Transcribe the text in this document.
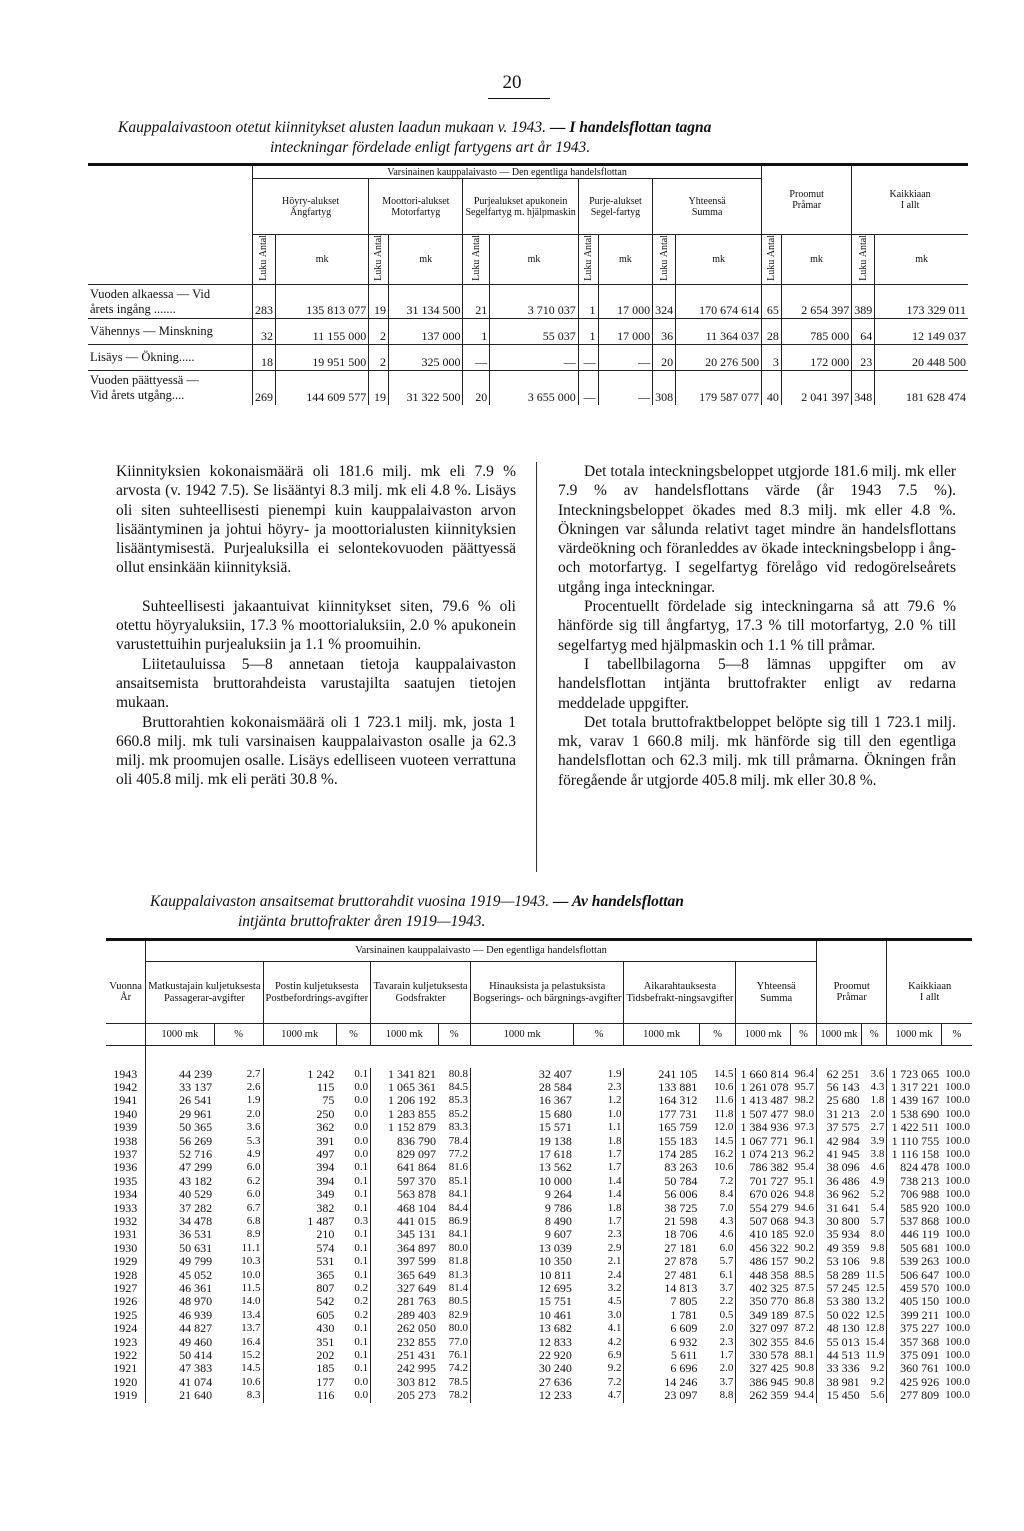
20
Kauppalaivastoon otetut kiinnitykset alusten laadun mukaan v. 1943. — I handelsflottan tagna
inteckningar fördelade enligt fartygens art år 1943.
	Varsinainen kauppalaivasto — Den egentliga handelsflottan										Proomut
Pråmar		Kaikkiaan
I allt	
	Höyry-alukset
Ångfartyg		Moottori-alukset
Motorfartyg		Purjealukset apukonein
Segelfartyg m. hjälpmaskin		Purje-alukset
Segel-fartyg		Yhteensä
Summa					
	Luku Antal	mk	Luku Antal	mk	Luku Antal	mk	Luku Antal	mk	Luku Antal	mk	Luku Antal	mk	Luku Antal	mk

Vuoden alkaessa — Vid
årets ingång .......	283	135 813 077	19	31 134 500	21	3 710 037	1	17 000	324	170 674 614	65	2 654 397	389	173 329 011

Vähennys — Minskning	32	11 155 000	2	137 000	1	55 037	1	17 000	36	11 364 037	28	785 000	64	12 149 037

Lisäys — Ökning.....	18	19 951 500	2	325 000	—	—	—	—	20	20 276 500	3	172 000	23	20 448 500

Vuoden päättyessä —
Vid årets utgång....	269	144 609 577	19	31 322 500	20	3 655 000	—	—	308	179 587 077	40	2 041 397	348	181 628 474

Kiinnityksien kokonaismäärä oli 181.6 milj. mk eli 7.9 % arvosta (v. 1942 7.5). Se lisääntyi 8.3 milj. mk eli 4.8 %. Lisäys oli siten suhteellisesti pienempi kuin kauppalaivaston arvon lisääntyminen ja johtui höyry- ja moottorialusten kiinnityksien lisääntymisestä. Purjealuksilla ei selontekovuoden päättyessä ollut ensinkään kiinnityksiä.

Suhteellisesti jakaantuivat kiinnitykset siten, 79.6 % oli otettu höyryaluksiin, 17.3 % moottorialuksiin, 2.0 % apukonein varustettuihin purjealuksiin ja 1.1 % proomuihin.

Liitetauluissa 5—8 annetaan tietoja kauppalaivaston ansaitsemista bruttorahdeista varustajilta saatujen tietojen mukaan.

Bruttorahtien kokonaismäärä oli 1 723.1 milj. mk, josta 1 660.8 milj. mk tuli varsinaisen kauppalaivaston osalle ja 62.3 milj. mk proomujen osalle. Lisäys edelliseen vuoteen verrattuna oli 405.8 milj. mk eli peräti 30.8 %.

Det totala inteckningsbeloppet utgjorde 181.6 milj. mk eller 7.9 % av handelsflottans värde (år 1943 7.5 %). Inteckningsbeloppet ökades med 8.3 milj. mk eller 4.8 %. Ökningen var sålunda relativt taget mindre än handelsflottans värdeökning och föranleddes av ökade inteckningsbelopp i ång- och motorfartyg. I segelfartyg förelågo vid redogörelseårets utgång inga inteckningar.

Procentuellt fördelade sig inteckningarna så att 79.6 % hänförde sig till ångfartyg, 17.3 % till motorfartyg, 2.0 % till segelfartyg med hjälpmaskin och 1.1 % till pråmar.

I tabellbilagorna 5—8 lämnas uppgifter om av handelsflottan intjänta bruttofrakter enligt av redarna meddelade uppgifter.

Det totala bruttofraktbeloppet belöpte sig till 1 723.1 milj. mk, varav 1 660.8 milj. mk hänförde sig till den egentliga handelsflottan och 62.3 milj. mk till pråmarna. Ökningen från föregående år utgjorde 405.8 milj. mk eller 30.8 %.

Kauppalaivaston ansaitsemat bruttorahdit vuosina 1919—1943. — Av handelsflottan
intjänta bruttofrakter åren 1919—1943.
	Varsinainen kauppalaivasto — Den egentliga handelsflottan															
Vuonna
År	Matkustajain kuljetuksesta
Passagerar-avgifter		Postin kuljetuksesta
Postbefordrings-avgifter		Tavarain kuljetuksesta
Godsfrakter		Hinauksista ja pelastuksista
Bogserings- och bärgnings-avgifter		Aikarahtauksesta
Tidsbefrakt-ningsavgifter		Yhteensä
Summa		Proomut
Pråmar		Kaikkiaan
I allt	
	1000 mk	%	1000 mk	%	1000 mk	%	1000 mk	%	1000 mk	%	1000 mk	%	1000 mk	%	1000 mk	%

1943	44 239	2.7	1 242	0.1	1 341 821	80.8	32 407	1.9	241 105	14.5	1 660 814	96.4	62 251	3.6	1 723 065	100.0
1942	33 137	2.6	115	0.0	1 065 361	84.5	28 584	2.3	133 881	10.6	1 261 078	95.7	56 143	4.3	1 317 221	100.0
1941	26 541	1.9	75	0.0	1 206 192	85.3	16 367	1.2	164 312	11.6	1 413 487	98.2	25 680	1.8	1 439 167	100.0
1940	29 961	2.0	250	0.0	1 283 855	85.2	15 680	1.0	177 731	11.8	1 507 477	98.0	31 213	2.0	1 538 690	100.0
1939	50 365	3.6	362	0.0	1 152 879	83.3	15 571	1.1	165 759	12.0	1 384 936	97.3	37 575	2.7	1 422 511	100.0
1938	56 269	5.3	391	0.0	836 790	78.4	19 138	1.8	155 183	14.5	1 067 771	96.1	42 984	3.9	1 110 755	100.0
1937	52 716	4.9	497	0.0	829 097	77.2	17 618	1.7	174 285	16.2	1 074 213	96.2	41 945	3.8	1 116 158	100.0
1936	47 299	6.0	394	0.1	641 864	81.6	13 562	1.7	83 263	10.6	786 382	95.4	38 096	4.6	824 478	100.0
1935	43 182	6.2	394	0.1	597 370	85.1	10 000	1.4	50 784	7.2	701 727	95.1	36 486	4.9	738 213	100.0
1934	40 529	6.0	349	0.1	563 878	84.1	9 264	1.4	56 006	8.4	670 026	94.8	36 962	5.2	706 988	100.0
1933	37 282	6.7	382	0.1	468 104	84.4	9 786	1.8	38 725	7.0	554 279	94.6	31 641	5.4	585 920	100.0
1932	34 478	6.8	1 487	0.3	441 015	86.9	8 490	1.7	21 598	4.3	507 068	94.3	30 800	5.7	537 868	100.0
1931	36 531	8.9	210	0.1	345 131	84.1	9 607	2.3	18 706	4.6	410 185	92.0	35 934	8.0	446 119	100.0
1930	50 631	11.1	574	0.1	364 897	80.0	13 039	2.9	27 181	6.0	456 322	90.2	49 359	9.8	505 681	100.0
1929	49 799	10.3	531	0.1	397 599	81.8	10 350	2.1	27 878	5.7	486 157	90.2	53 106	9.8	539 263	100.0
1928	45 052	10.0	365	0.1	365 649	81.3	10 811	2.4	27 481	6.1	448 358	88.5	58 289	11.5	506 647	100.0
1927	46 361	11.5	807	0.2	327 649	81.4	12 695	3.2	14 813	3.7	402 325	87.5	57 245	12.5	459 570	100.0
1926	48 970	14.0	542	0.2	281 763	80.5	15 751	4.5	7 805	2.2	350 770	86.8	53 380	13.2	405 150	100.0
1925	46 939	13.4	605	0.2	289 403	82.9	10 461	3.0	1 781	0.5	349 189	87.5	50 022	12.5	399 211	100.0
1924	44 827	13.7	430	0.1	262 050	80.0	13 682	4.1	6 609	2.0	327 097	87.2	48 130	12.8	375 227	100.0
1923	49 460	16.4	351	0.1	232 855	77.0	12 833	4.2	6 932	2.3	302 355	84.6	55 013	15.4	357 368	100.0
1922	50 414	15.2	202	0.1	251 431	76.1	22 920	6.9	5 611	1.7	330 578	88.1	44 513	11.9	375 091	100.0
1921	47 383	14.5	185	0.1	242 995	74.2	30 240	9.2	6 696	2.0	327 425	90.8	33 336	9.2	360 761	100.0
1920	41 074	10.6	177	0.0	303 812	78.5	27 636	7.2	14 246	3.7	386 945	90.8	38 981	9.2	425 926	100.0
1919	21 640	8.3	116	0.0	205 273	78.2	12 233	4.7	23 097	8.8	262 359	94.4	15 450	5.6	277 809	100.0
